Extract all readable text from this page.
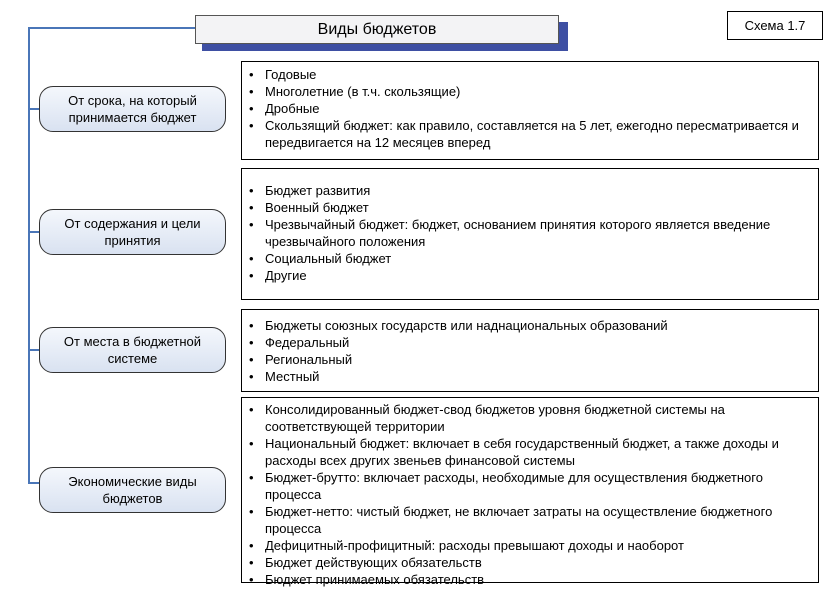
Виды бюджетов	Схема 1.7
От срока, на который принимается бюджет
• Годовые
• Многолетние (в т.ч. скользящие)
• Дробные
• Скользящий бюджет: как правило, составляется на 5 лет, ежегодно пересматривается и передвигается на 12 месяцев вперед
От содержания и цели принятия
• Бюджет развития
• Военный бюджет
• Чрезвычайный бюджет: бюджет, основанием принятия которого является введение чрезвычайного положения
• Социальный бюджет
• Другие
От места в бюджетной системе
• Бюджеты союзных государств или наднациональных образований
• Федеральный
• Региональный
• Местный
Экономические виды бюджетов
• Консолидированный бюджет-свод бюджетов уровня бюджетной системы на соответствующей территории
• Национальный бюджет: включает в себя государственный бюджет, а также доходы и расходы всех других звеньев финансовой системы
• Бюджет-брутто: включает расходы, необходимые для осуществления бюджетного процесса
• Бюджет-нетто: чистый бюджет, не включает затраты на осуществление бюджетного процесса
• Дефицитный-профицитный: расходы превышают доходы и наоборот
• Бюджет действующих обязательств
• Бюджет принимаемых обязательств
